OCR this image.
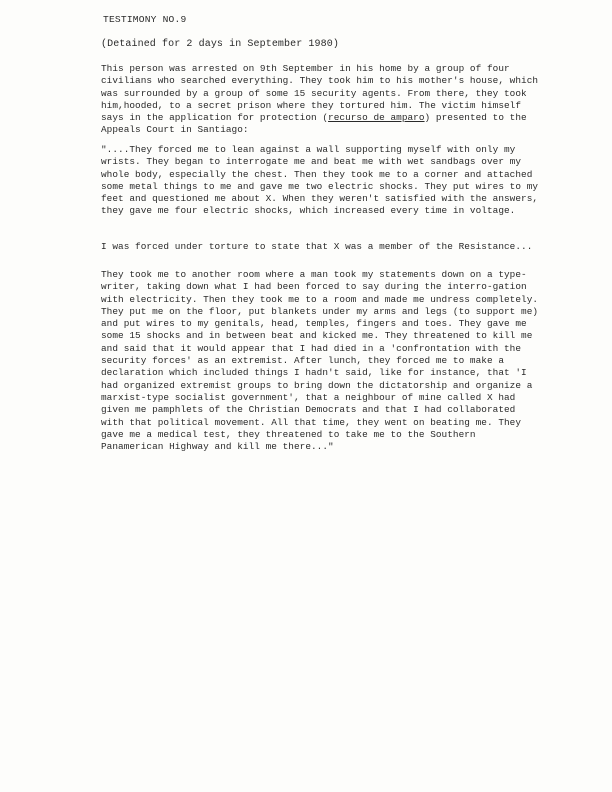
TESTIMONY NO.9
(Detained for 2 days in September 1980)
This person was arrested on 9th September in his home by a group of four civilians who searched everything. They took him to his mother's house, which was surrounded by a group of some 15 security agents. From there, they took him,hooded, to a secret prison where they tortured him. The victim himself says in the application for protection (recurso de amparo) presented to the Appeals Court in Santiago:
"....They forced me to lean against a wall supporting myself with only my wrists. They began to interrogate me and beat me with wet sandbags over my whole body, especially the chest. Then they took me to a corner and attached some metal things to me and gave me two electric shocks. They put wires to my feet and questioned me about X. When they weren't satisfied with the answers, they gave me four electric shocks, which increased every time in voltage.
I was forced under torture to state that X was a member of the Resistance...
They took me to another room where a man took my statements down on a type-writer, taking down what I had been forced to say during the interro-gation with electricity. Then they took me to a room and made me undress completely. They put me on the floor, put blankets under my arms and legs (to support me) and put wires to my genitals, head, temples, fingers and toes. They gave me some 15 shocks and in between beat and kicked me. They threatened to kill me and said that it would appear that I had died in a 'confrontation with the security forces' as an extremist. After lunch, they forced me to make a declaration which included things I hadn't said, like for instance, that 'I had organized extremist groups to bring down the dictatorship and organize a marxist-type socialist government', that a neighbour of mine called X had given me pamphlets of the Christian Democrats and that I had collaborated with that political movement. All that time, they went on beating me. They gave me a medical test, they threatened to take me to the Southern Panamerican Highway and kill me there..."
